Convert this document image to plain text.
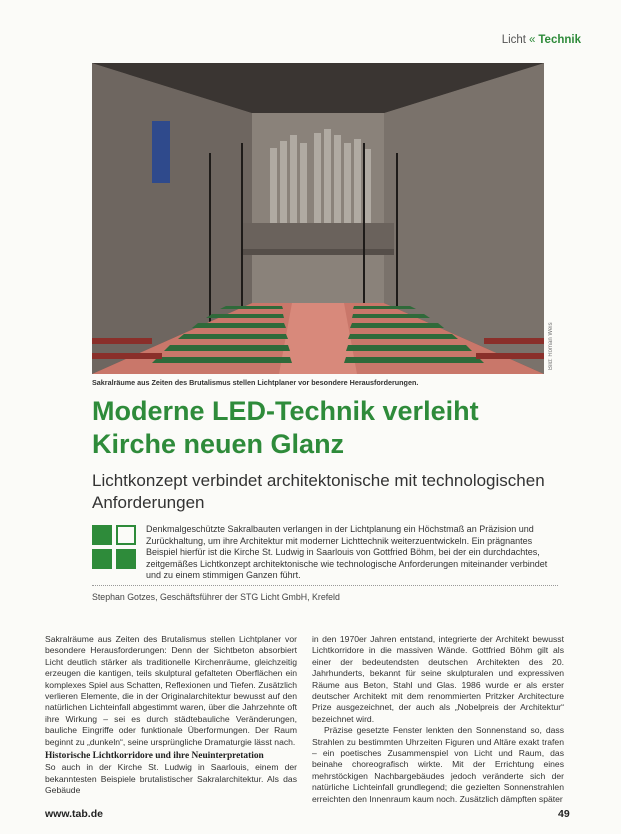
Licht « Technik
Bild: Roman Weis
Sakralräume aus Zeiten des Brutalismus stellen Lichtplaner vor besondere Herausforderungen.
Moderne LED-Technik verleiht Kirche neuen Glanz
Lichtkonzept verbindet architektonische mit technologischen Anforderungen

Denkmalgeschützte Sakralbauten verlangen in der Lichtplanung ein Höchstmaß an Präzision und Zurückhaltung, um ihre Architektur mit moderner Lichttechnik weiterzuentwickeln. Ein prägnantes Beispiel hierfür ist die Kirche St. Ludwig in Saarlouis von Gottfried Böhm, bei der ein durchdachtes, zeitgemäßes Lichtkonzept architektonische wie technologische Anforderungen miteinander verbindet und zu einem stimmigen Ganzen führt.

Stephan Gotzes, Geschäftsführer der STG Licht GmbH, Krefeld

Sakralräume aus Zeiten des Brutalismus stellen Lichtplaner vor besondere Herausforderungen: Denn der Sichtbeton absorbiert Licht deutlich stärker als traditionelle Kirchenräume, gleichzeitig erzeugen die kantigen, teils skulptural gefalteten Oberflächen ein komplexes Spiel aus Schatten, Reflexionen und Tiefen. Zusätzlich verlieren Elemente, die in der Originalarchitektur bewusst auf den natürlichen Lichteinfall abgestimmt waren, über die Jahrzehnte oft ihre Wirkung – sei es durch städtebauliche Veränderungen, bauliche Eingriffe oder funktionale Überformungen. Der Raum beginnt zu „dunkeln“, seine ursprüngliche Dramaturgie lässt nach.

Historische Lichtkorridore und ihre Neuinterpretation

So auch in der Kirche St. Ludwig in Saarlouis, einem der bekanntesten Beispiele brutalistischer Sakralarchitektur. Als das Gebäude

in den 1970er Jahren entstand, integrierte der Architekt bewusst Lichtkorridore in die massiven Wände. Gottfried Böhm gilt als einer der bedeutendsten deutschen Architekten des 20. Jahrhunderts, bekannt für seine skulpturalen und expressiven Räume aus Beton, Stahl und Glas. 1986 wurde er als erster deutscher Architekt mit dem renommierten Pritzker Architecture Prize ausgezeichnet, der auch als „Nobelpreis der Architektur“ bezeichnet wird.

Präzise gesetzte Fenster lenkten den Sonnenstand so, dass Strahlen zu bestimmten Uhrzeiten Figuren und Altäre exakt trafen – ein poetisches Zusammenspiel von Licht und Raum, das beinahe choreografisch wirkte. Mit der Errichtung eines mehrstöckigen Nachbargebäudes jedoch veränderte sich der natürliche Lichteinfall grundlegend; die gezielten Sonnenstrahlen erreichten den Innenraum kaum noch. Zusätzlich dämpften später

www.tab.de	49
